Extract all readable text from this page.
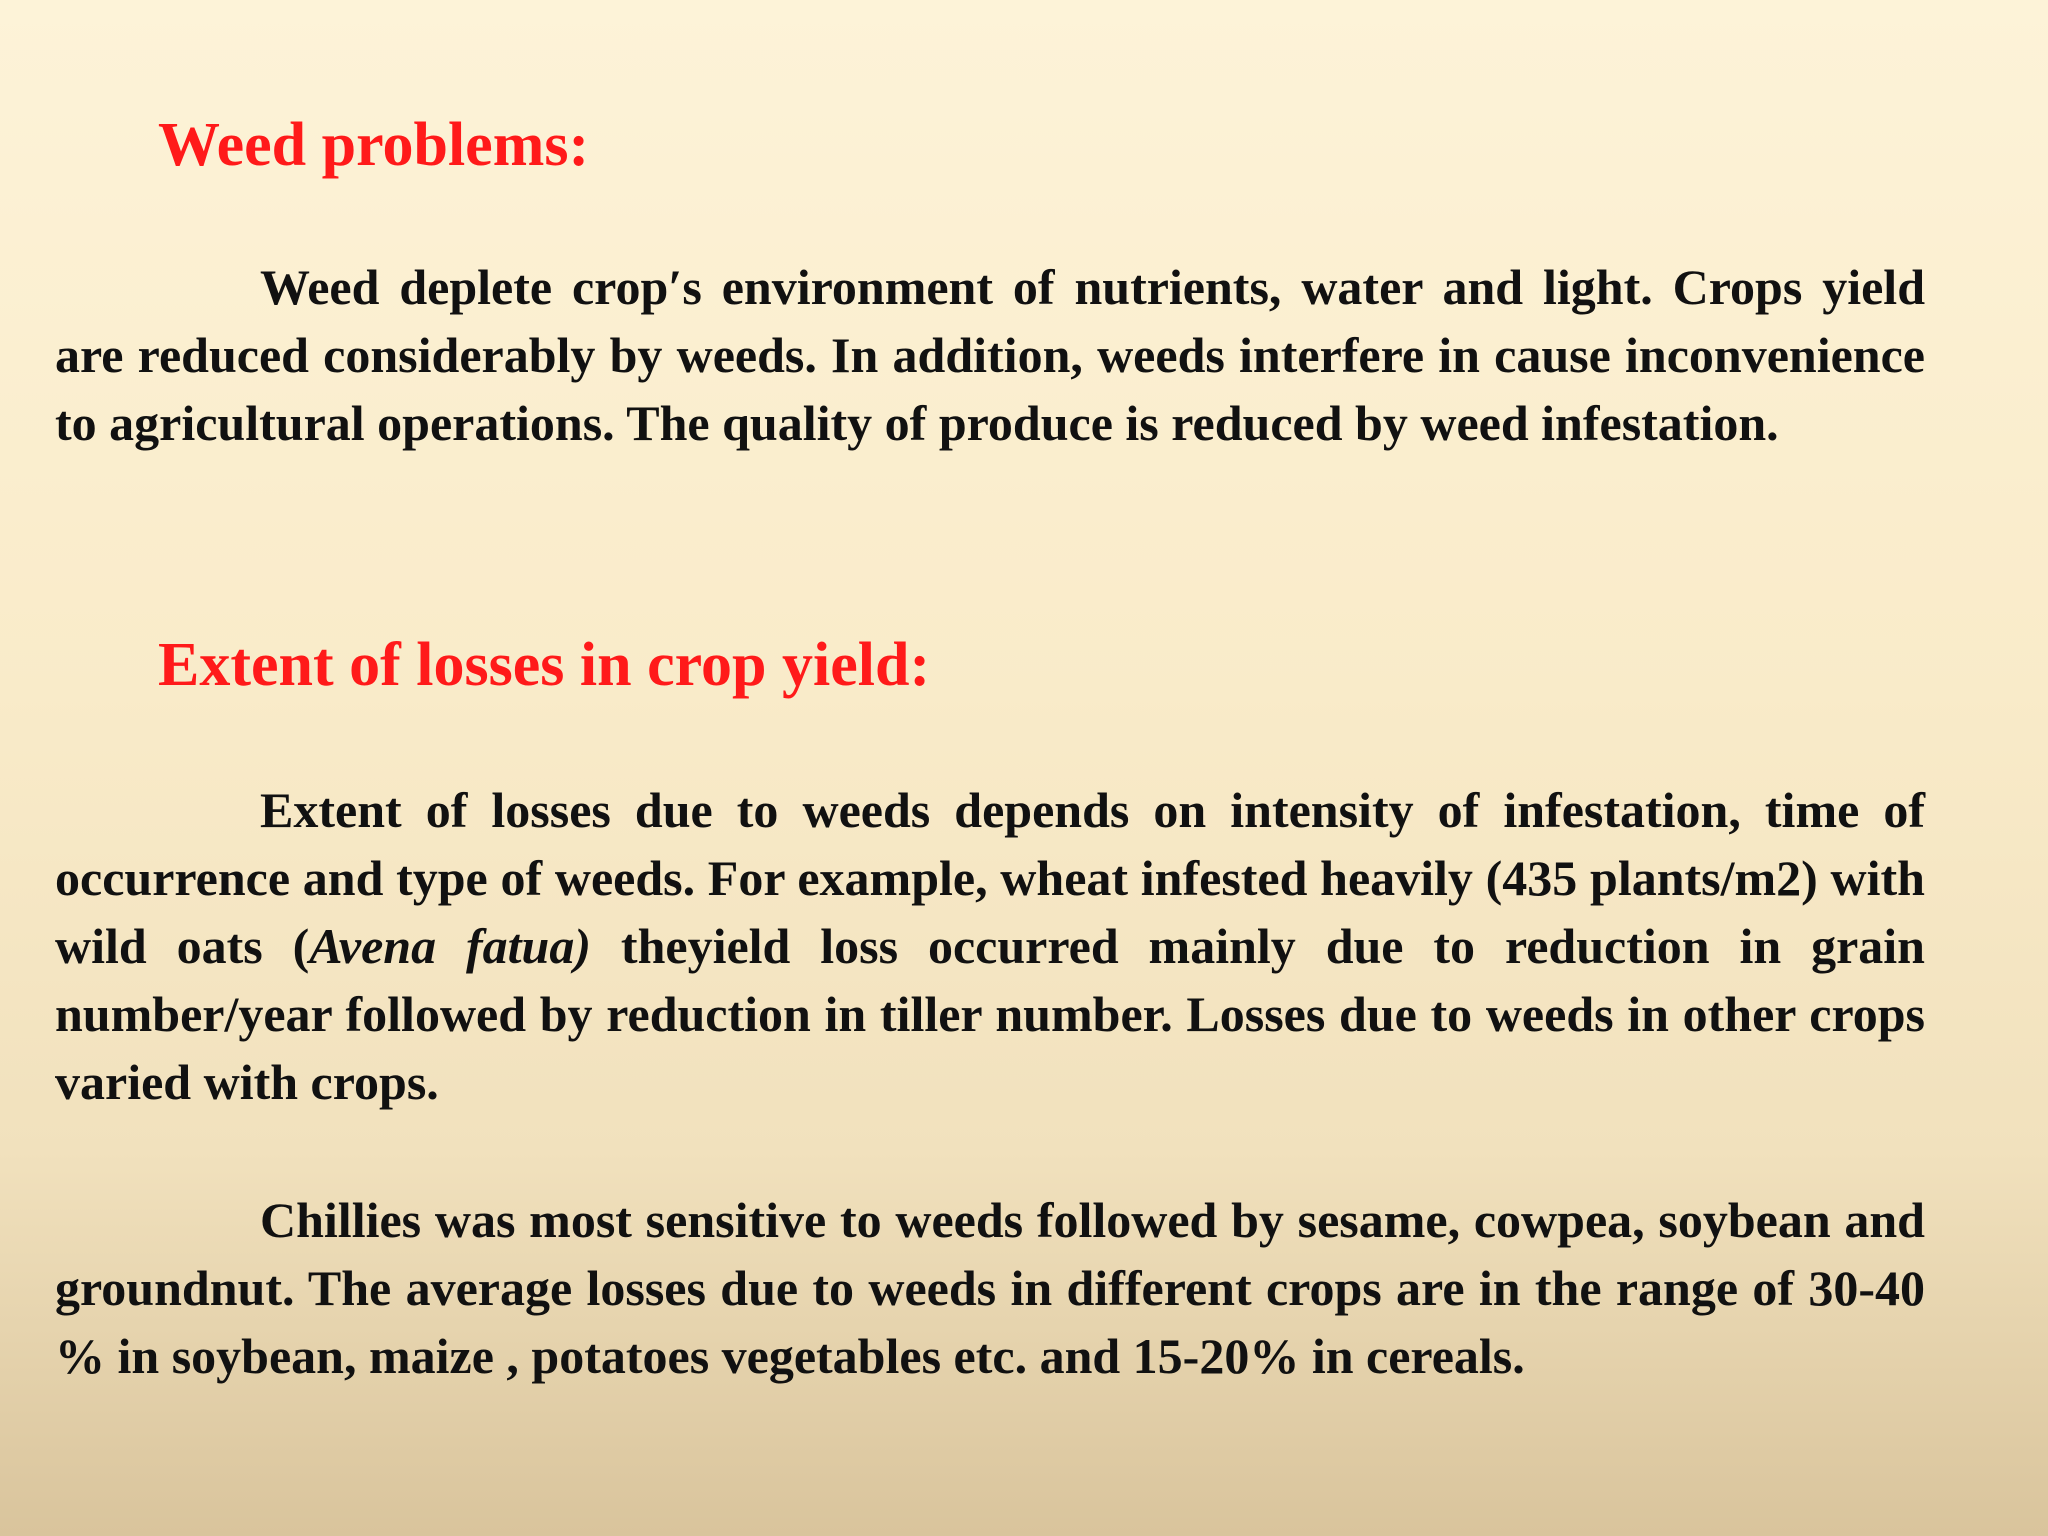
Weed problems:

Weed deplete crop′s environment of nutrients, water and light. Crops yield are reduced considerably by weeds. In addition, weeds interfere in cause inconvenience to agricultural operations. The quality of produce is reduced by weed infestation.

Extent of losses in crop yield:

Extent of losses due to weeds depends on intensity of infestation, time of occurrence and type of weeds. For example, wheat infested heavily (435 plants/m2) with wild oats (Avena fatua) theyield loss occurred mainly due to reduction in grain number/year followed by reduction in tiller number. Losses due to weeds in other crops varied with crops.

Chillies was most sensitive to weeds followed by sesame, cowpea, soybean and groundnut. The average losses due to weeds in different crops are in the range of 30-40 % in soybean, maize , potatoes vegetables etc. and 15-20% in cereals.
